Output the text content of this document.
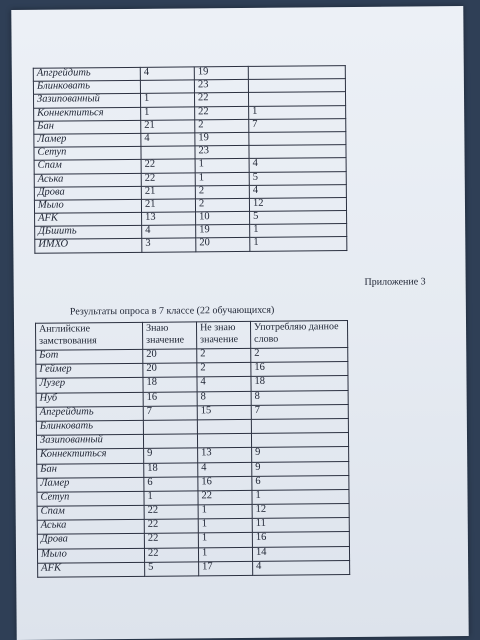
Апгрейдить	4	19	
Блинковать		23	
Зазипованный	1	22	
Коннектиться	1	22	1
Бан	21	2	7
Ламер	4	19	
Сетуп		23	
Спам	22	1	4
Аська	22	1	5
Дрова	21	2	4
Мыло	21	2	12
AFK	13	10	5
ДБшить	4	19	1
ИМХО	3	20	1
Приложение 3
Результаты опроса в 7 классе (22 обучающихся)
Английские замствования	Знаю значение	Не знаю значение	Употребляю данное слово
Бот	20	2	2
Геймер	20	2	16
Лузер	18	4	18
Нуб	16	8	8
Апгрейдить	7	15	7
Блинковать			
Зазипованный			
Коннектиться	9	13	9
Бан	18	4	9
Ламер	6	16	6
Сетуп	1	22	1
Спам	22	1	12
Аська	22	1	11
Дрова	22	1	16
Мыло	22	1	14
AFK	5	17	4
